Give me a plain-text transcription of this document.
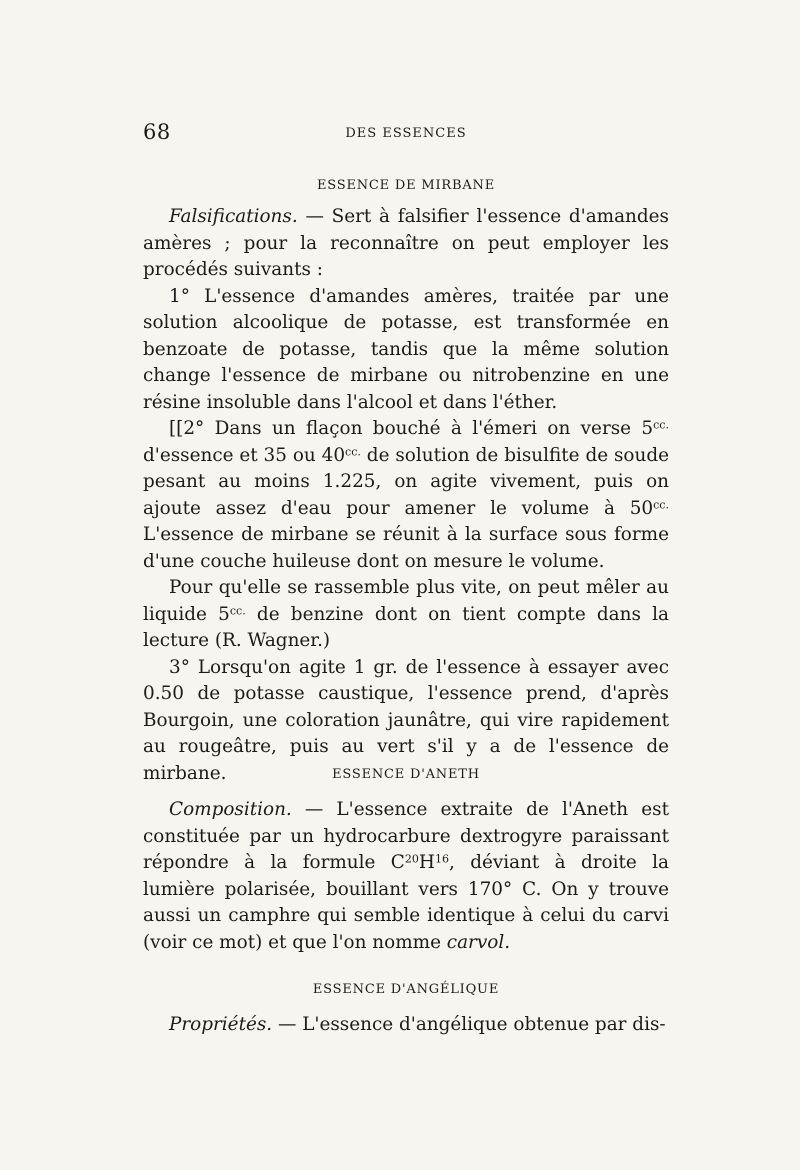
68	DES ESSENCES
ESSENCE DE MIRBANE

Falsifications. — Sert à falsifier l'essence d'amandes amères ; pour la reconnaître on peut employer les procédés suivants :

1° L'essence d'amandes amères, traitée par une solution alcoolique de potasse, est transformée en benzoate de potasse, tandis que la même solution change l'essence de mirbane ou nitrobenzine en une résine insoluble dans l'alcool et dans l'éther.

[[2° Dans un flaçon bouché à l'émeri on verse $5^{cc.}$ d'essence et 35 ou $40^{cc.}$ de solution de bisulfite de soude pesant au moins 1.225, on agite vivement, puis on ajoute assez d'eau pour amener le volume à $50^{cc.}$ L'essence de mirbane se réunit à la surface sous forme d'une couche huileuse dont on mesure le volume.

Pour qu'elle se rassemble plus vite, on peut mêler au liquide $5^{cc.}$ de benzine dont on tient compte dans la lecture (R. Wagner.)

3° Lorsqu'on agite 1 gr. de l'essence à essayer avec 0.50 de potasse caustique, l'essence prend, d'après Bourgoin, une coloration jaunâtre, qui vire rapidement au rougeâtre, puis au vert s'il y a de l'essence de mirbane.	ESSENCE D'ANETH

Composition. — L'essence extraite de l'Aneth est constituée par un hydrocarbure dextrogyre paraissant répondre à la formule $C^{20}H^{16}$, déviant à droite la lumière polarisée, bouillant vers 170° C. On y trouve aussi un camphre qui semble identique à celui du carvi (voir ce mot) et que l'on nomme carvol.

ESSENCE D'ANGÉLIQUE

Propriétés. — L'essence d'angélique obtenue par dis-
